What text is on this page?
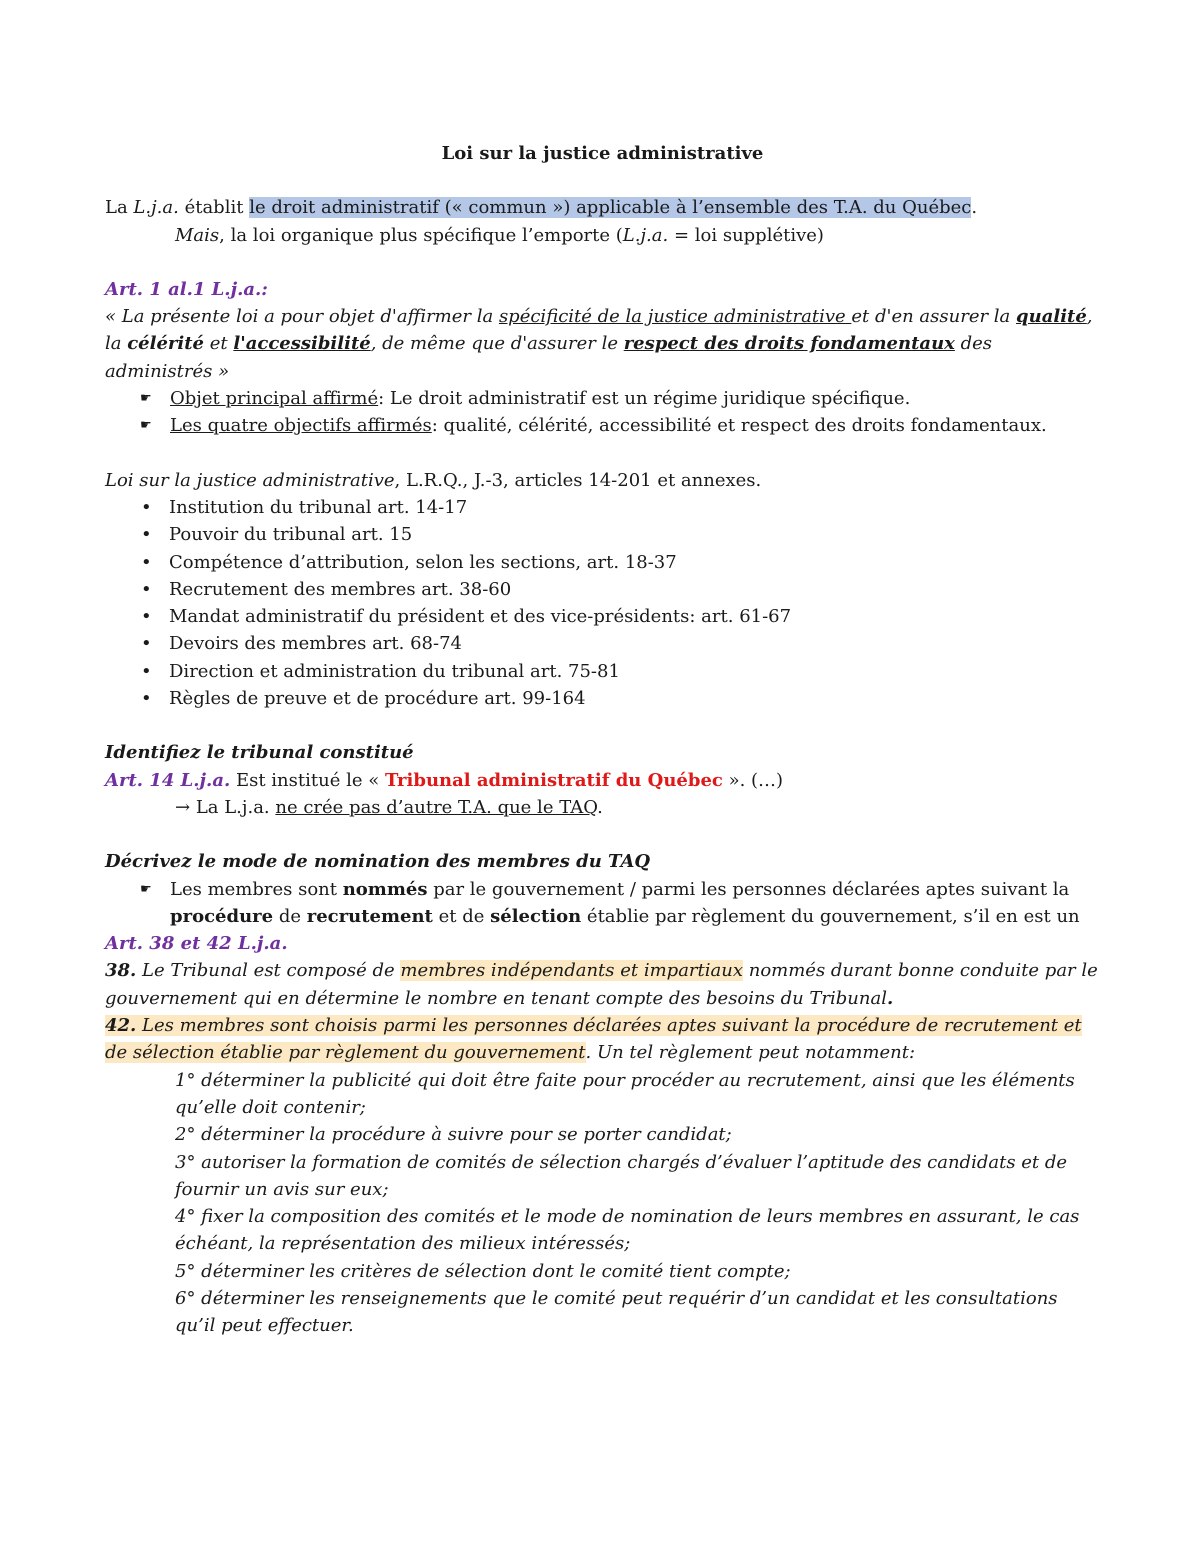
Loi sur la justice administrative

La L.j.a. établit le droit administratif (« commun ») applicable à l’ensemble des T.A. du Québec.

Mais, la loi organique plus spécifique l’emporte (L.j.a. = loi supplétive)

Art. 1 al.1 L.j.a.:

« La présente loi a pour objet d'affirmer la spécificité de la justice administrative et d'en assurer la qualité, la célérité et l'accessibilité, de même que d'assurer le respect des droits fondamentaux des administrés »

☛	Objet principal affirmé: Le droit administratif est un régime juridique spécifique.
☛	Les quatre objectifs affirmés: qualité, célérité, accessibilité et respect des droits fondamentaux.

Loi sur la justice administrative, L.R.Q., J.-3, articles 14-201 et annexes.

• Institution du tribunal art. 14-17
• Pouvoir du tribunal art. 15
• Compétence d’attribution, selon les sections, art. 18-37
• Recrutement des membres art. 38-60
• Mandat administratif du président et des vice-présidents: art. 61-67
• Devoirs des membres art. 68-74
• Direction et administration du tribunal art. 75-81
• Règles de preuve et de procédure art. 99-164

Identifiez le tribunal constitué

Art. 14 L.j.a. Est institué le « Tribunal administratif du Québec ». (…)

→ La L.j.a. ne crée pas d’autre T.A. que le TAQ.

Décrivez le mode de nomination des membres du TAQ

☛	Les membres sont nommés par le gouvernement / parmi les personnes déclarées aptes suivant la procédure de recrutement et de sélection établie par règlement du gouvernement, s’il en est un

Art. 38 et 42 L.j.a.

38. Le Tribunal est composé de membres indépendants et impartiaux nommés durant bonne conduite par le gouvernement qui en détermine le nombre en tenant compte des besoins du Tribunal.

42. Les membres sont choisis parmi les personnes déclarées aptes suivant la procédure de recrutement et de sélection établie par règlement du gouvernement. Un tel règlement peut notamment:

1° déterminer la publicité qui doit être faite pour procéder au recrutement, ainsi que les éléments qu’elle doit contenir;

2° déterminer la procédure à suivre pour se porter candidat;

3° autoriser la formation de comités de sélection chargés d’évaluer l’aptitude des candidats et de fournir un avis sur eux;

4° fixer la composition des comités et le mode de nomination de leurs membres en assurant, le cas échéant, la représentation des milieux intéressés;

5° déterminer les critères de sélection dont le comité tient compte;

6° déterminer les renseignements que le comité peut requérir d’un candidat et les consultations qu’il peut effectuer.
